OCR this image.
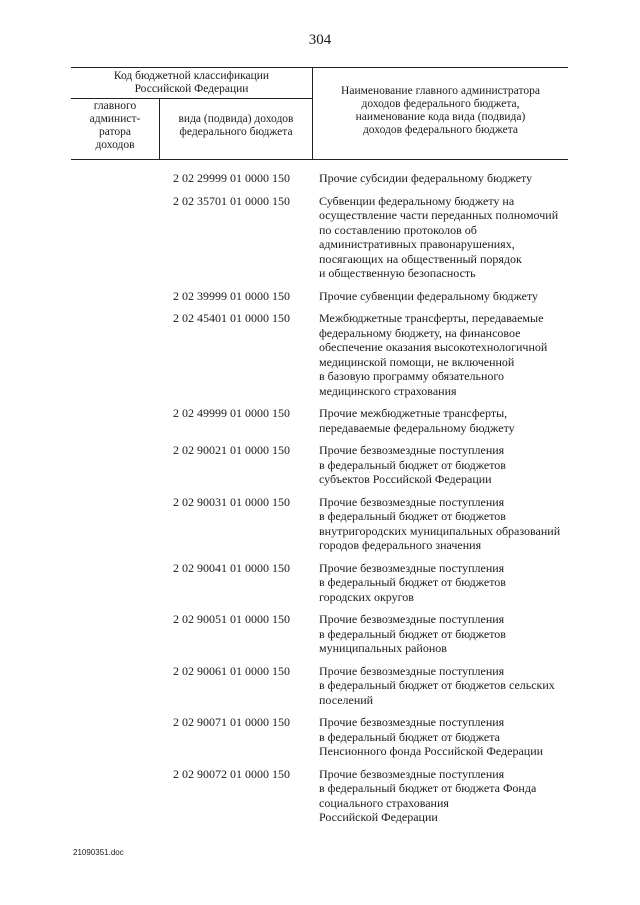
304
Код бюджетной классификации
Российской Федерации
главного
админист-
ратора
доходов
вида (подвида) доходов
федерального бюджета
Наименование главного администратора
доходов федерального бюджета,
наименование кода вида (подвида)
доходов федерального бюджета
2 02 29999 01 0000 150	Прочие субсидии федеральному бюджету
2 02 35701 01 0000 150	Субвенции федеральному бюджету на
осуществление части переданных полномочий
по составлению протоколов об
административных правонарушениях,
посягающих на общественный порядок
и общественную безопасность
2 02 39999 01 0000 150	Прочие субвенции федеральному бюджету
2 02 45401 01 0000 150	Межбюджетные трансферты, передаваемые
федеральному бюджету, на финансовое
обеспечение оказания высокотехнологичной
медицинской помощи, не включенной
в базовую программу обязательного
медицинского страхования
2 02 49999 01 0000 150	Прочие межбюджетные трансферты,
передаваемые федеральному бюджету
2 02 90021 01 0000 150	Прочие безвозмездные поступления
в федеральный бюджет от бюджетов
субъектов Российской Федерации
2 02 90031 01 0000 150	Прочие безвозмездные поступления
в федеральный бюджет от бюджетов
внутригородских муниципальных образований
городов федерального значения
2 02 90041 01 0000 150	Прочие безвозмездные поступления
в федеральный бюджет от бюджетов
городских округов
2 02 90051 01 0000 150	Прочие безвозмездные поступления
в федеральный бюджет от бюджетов
муниципальных районов
2 02 90061 01 0000 150	Прочие безвозмездные поступления
в федеральный бюджет от бюджетов сельских
поселений
2 02 90071 01 0000 150	Прочие безвозмездные поступления
в федеральный бюджет от бюджета
Пенсионного фонда Российской Федерации
2 02 90072 01 0000 150	Прочие безвозмездные поступления
в федеральный бюджет от бюджета Фонда
социального страхования
Российской Федерации
21090351.doc
